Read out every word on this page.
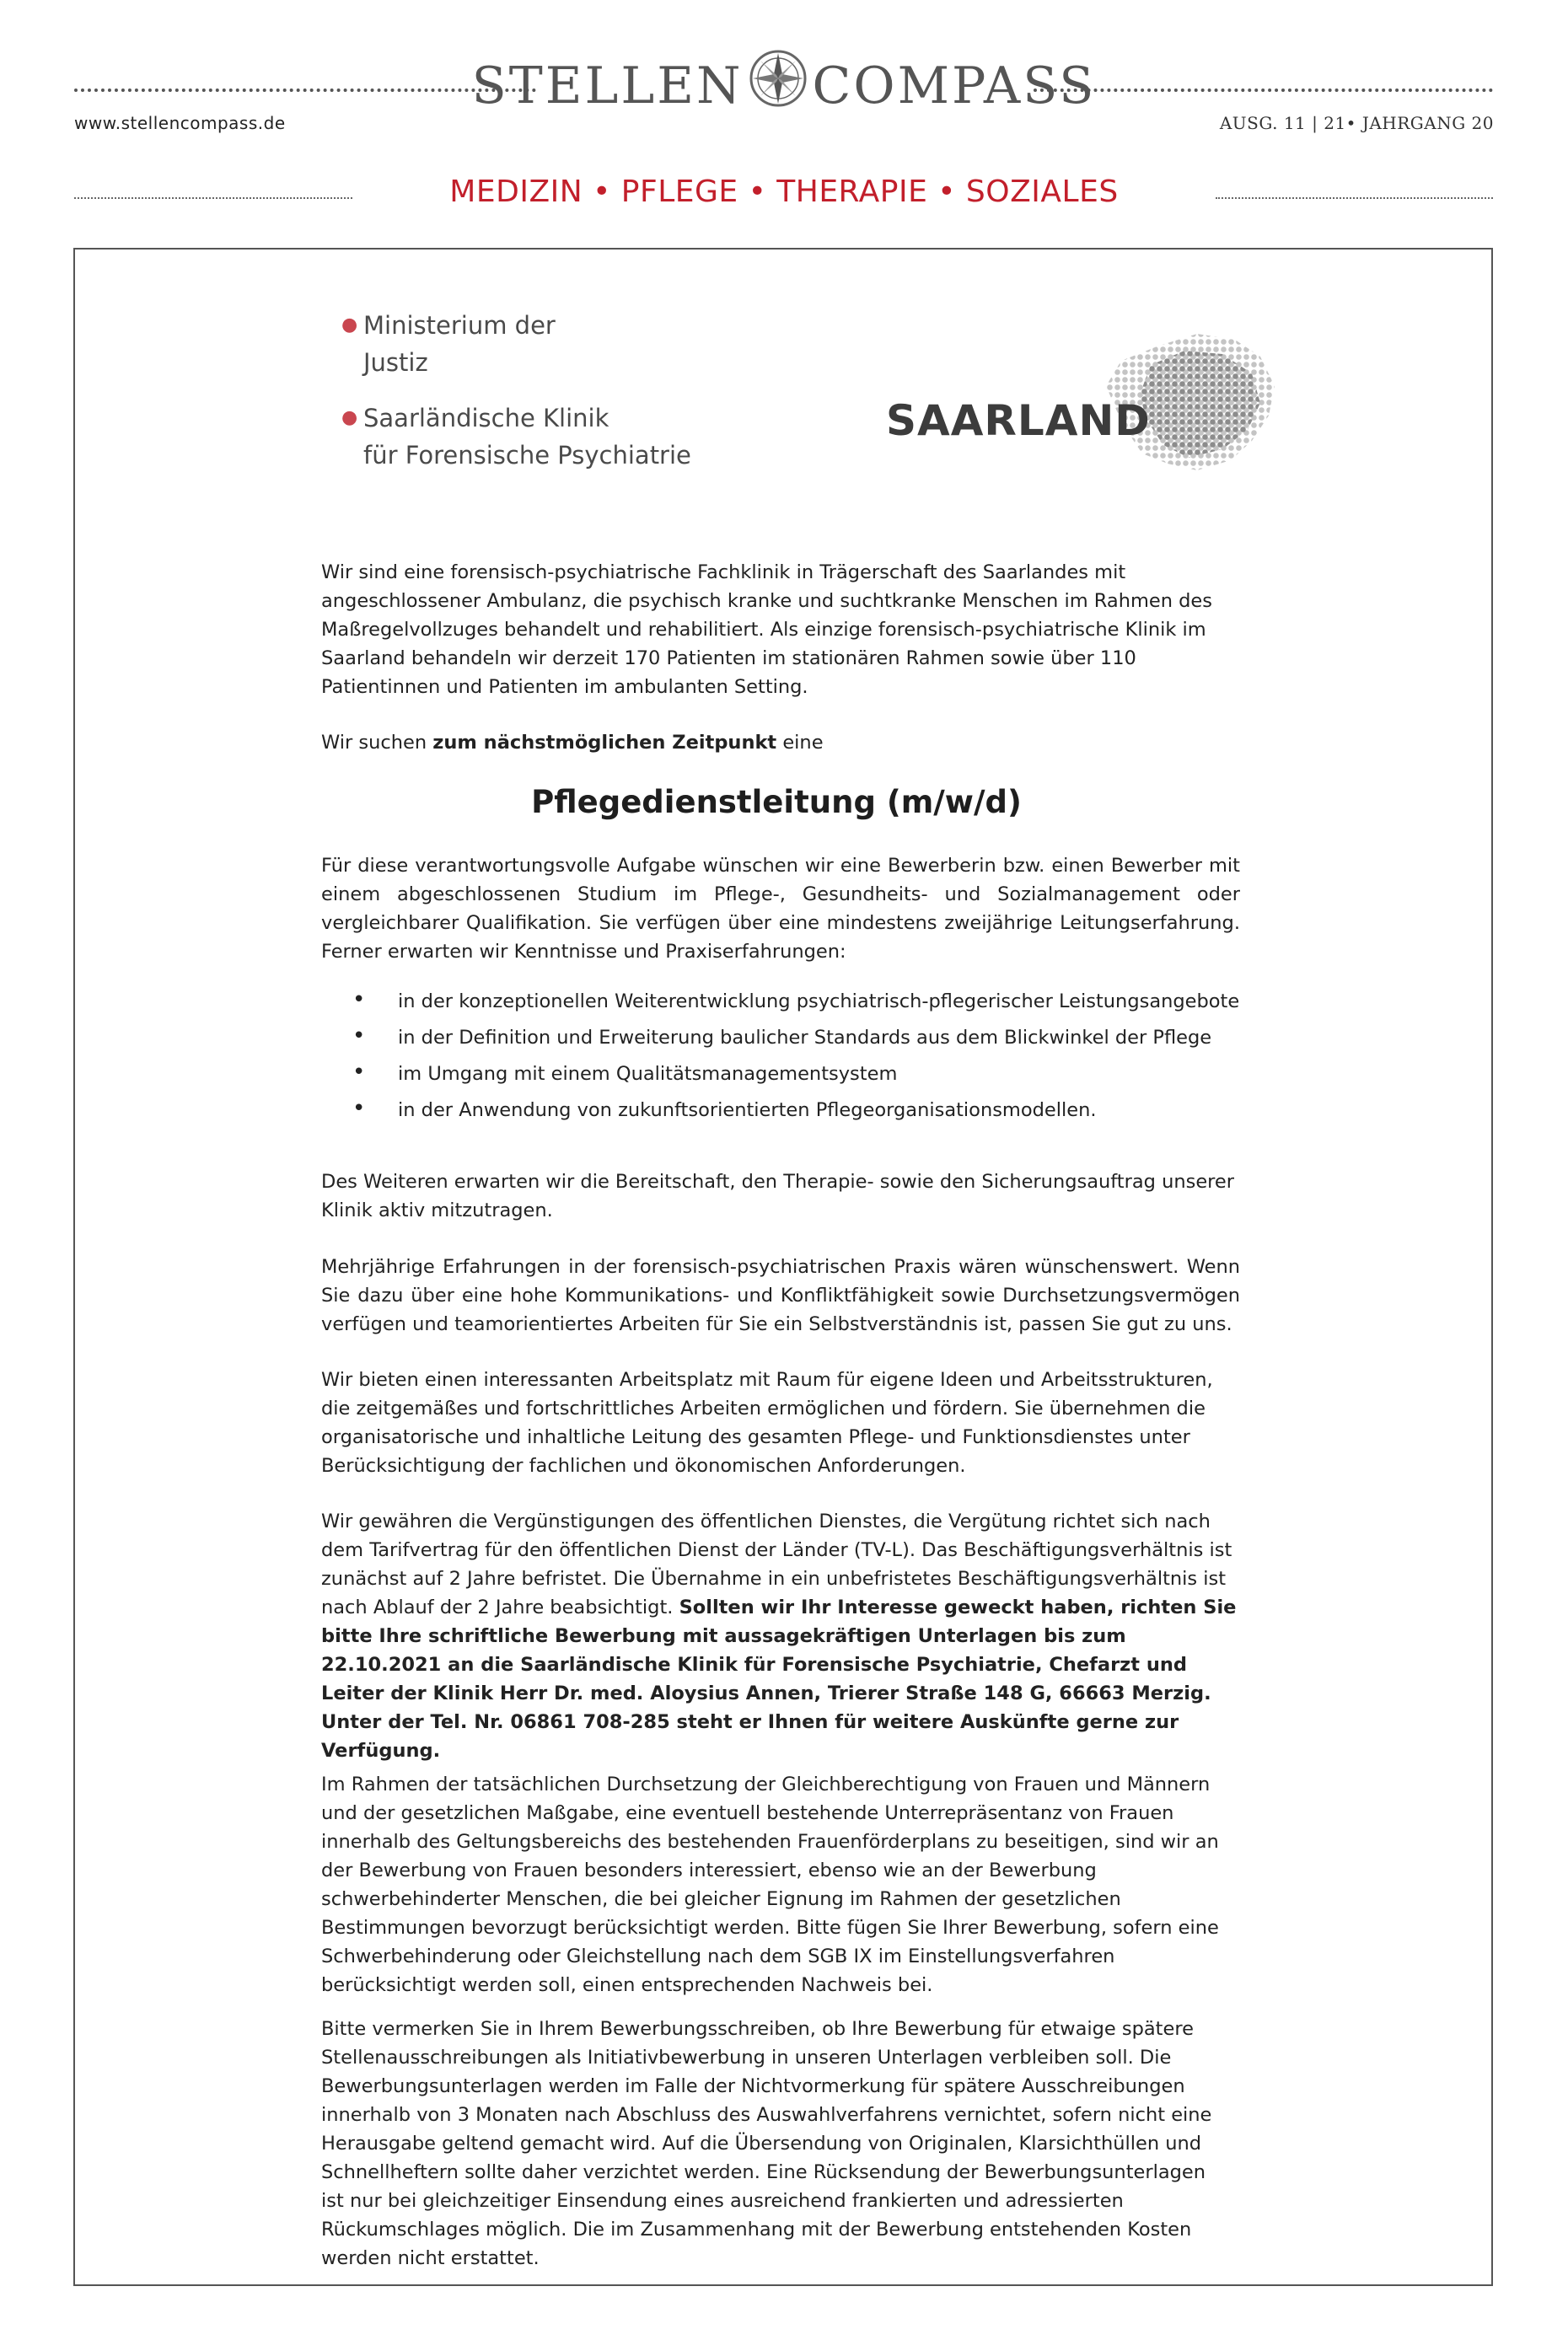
STELLEN COMPASS
www.stellencompass.de	AUSG. 11 | 21• JAHRGANG 20
MEDIZIN • PFLEGE • THERAPIE • SOZIALES
● Ministerium der
Justiz
● Saarländische Klinik
für Forensische Psychiatrie
SAARLAND
Wir sind eine forensisch-psychiatrische Fachklinik in Trägerschaft des Saarlandes mit angeschlossener Ambulanz, die psychisch kranke und suchtkranke Menschen im Rahmen des Maßregelvollzuges behandelt und rehabilitiert. Als einzige forensisch-psychiatrische Klinik im Saarland behandeln wir derzeit 170 Patienten im stationären Rahmen sowie über 110 Patientinnen und Patienten im ambulanten Setting.
Wir suchen zum nächstmöglichen Zeitpunkt eine
Pflegedienstleitung (m/w/d)
Für diese verantwortungsvolle Aufgabe wünschen wir eine Bewerberin bzw. einen Bewerber mit einem abgeschlossenen Studium im Pflege-, Gesundheits- und Sozialmanagement oder vergleichbarer Qualifikation. Sie verfügen über eine mindestens zweijährige Leitungserfahrung. Ferner erwarten wir Kenntnisse und Praxiserfahrungen:
• in der konzeptionellen Weiterentwicklung psychiatrisch-pflegerischer Leistungsangebote
• in der Definition und Erweiterung baulicher Standards aus dem Blickwinkel der Pflege
• im Umgang mit einem Qualitätsmanagementsystem
• in der Anwendung von zukunftsorientierten Pflegeorganisationsmodellen.
Des Weiteren erwarten wir die Bereitschaft, den Therapie- sowie den Sicherungsauftrag unserer Klinik aktiv mitzutragen.
Mehrjährige Erfahrungen in der forensisch-psychiatrischen Praxis wären wünschenswert. Wenn Sie dazu über eine hohe Kommunikations- und Konfliktfähigkeit sowie Durchsetzungsvermögen verfügen und teamorientiertes Arbeiten für Sie ein Selbstverständnis ist, passen Sie gut zu uns.
Wir bieten einen interessanten Arbeitsplatz mit Raum für eigene Ideen und Arbeitsstrukturen, die zeitgemäßes und fortschrittliches Arbeiten ermöglichen und fördern. Sie übernehmen die organisatorische und inhaltliche Leitung des gesamten Pflege- und Funktionsdienstes unter Berücksichtigung der fachlichen und ökonomischen Anforderungen.
Wir gewähren die Vergünstigungen des öffentlichen Dienstes, die Vergütung richtet sich nach dem Tarifvertrag für den öffentlichen Dienst der Länder (TV-L). Das Beschäftigungsverhältnis ist zunächst auf 2 Jahre befristet. Die Übernahme in ein unbefristetes Beschäftigungsverhältnis ist nach Ablauf der 2 Jahre beabsichtigt. Sollten wir Ihr Interesse geweckt haben, richten Sie bitte Ihre schriftliche Bewerbung mit aussagekräftigen Unterlagen bis zum 22.10.2021 an die Saarländische Klinik für Forensische Psychiatrie, Chefarzt und Leiter der Klinik Herr Dr. med. Aloysius Annen, Trierer Straße 148 G, 66663 Merzig. Unter der Tel. Nr. 06861 708-285 steht er Ihnen für weitere Auskünfte gerne zur Verfügung.
Im Rahmen der tatsächlichen Durchsetzung der Gleichberechtigung von Frauen und Männern und der gesetzlichen Maßgabe, eine eventuell bestehende Unterrepräsentanz von Frauen innerhalb des Geltungsbereichs des bestehenden Frauenförderplans zu beseitigen, sind wir an der Bewerbung von Frauen besonders interessiert, ebenso wie an der Bewerbung schwerbehinderter Menschen, die bei gleicher Eignung im Rahmen der gesetzlichen Bestimmungen bevorzugt berücksichtigt werden. Bitte fügen Sie Ihrer Bewerbung, sofern eine Schwerbehinderung oder Gleichstellung nach dem SGB IX im Einstellungsverfahren berücksichtigt werden soll, einen entsprechenden Nachweis bei.
Bitte vermerken Sie in Ihrem Bewerbungsschreiben, ob Ihre Bewerbung für etwaige spätere Stellenausschreibungen als Initiativbewerbung in unseren Unterlagen verbleiben soll. Die Bewerbungsunterlagen werden im Falle der Nichtvormerkung für spätere Ausschreibungen innerhalb von 3 Monaten nach Abschluss des Auswahlverfahrens vernichtet, sofern nicht eine Herausgabe geltend gemacht wird. Auf die Übersendung von Originalen, Klarsichthüllen und Schnellheftern sollte daher verzichtet werden. Eine Rücksendung der Bewerbungsunterlagen ist nur bei gleichzeitiger Einsendung eines ausreichend frankierten und adressierten Rückumschlages möglich. Die im Zusammenhang mit der Bewerbung entstehenden Kosten werden nicht erstattet.
